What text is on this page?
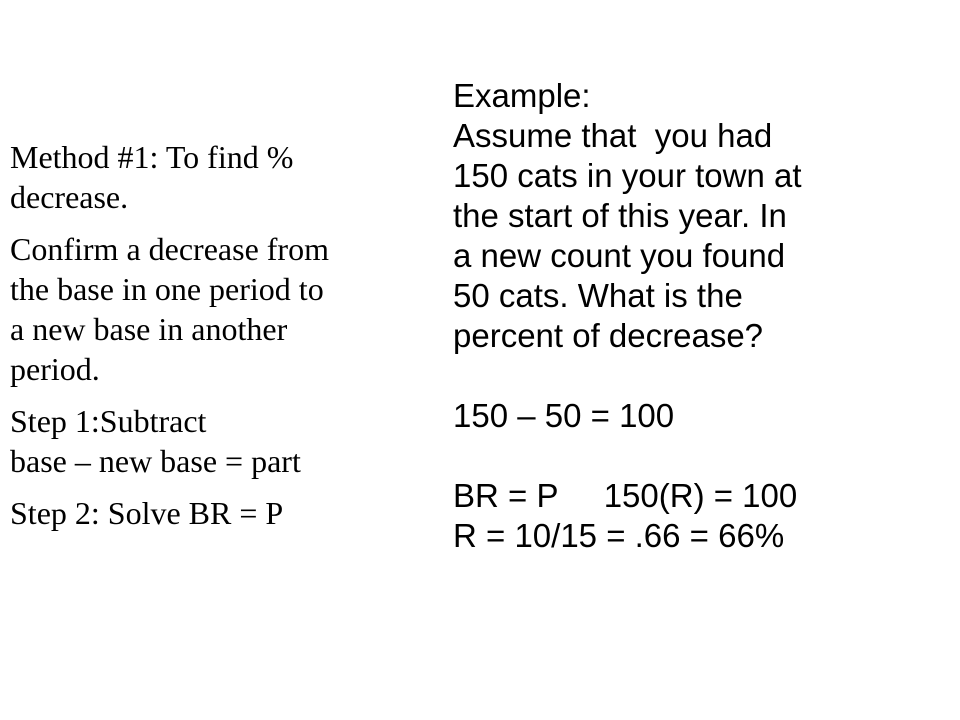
Method #1: To find %
decrease.

Confirm a decrease from
the base in one period to
a new base in another
period.

Step 1:Subtract
base – new base = part

Step 2: Solve BR = P

Example:
Assume that  you had
150 cats in your town at
the start of this year. In
a new count you found
50 cats. What is the
percent of decrease?
150 – 50 = 100
BR = P     150(R) = 100
R = 10/15 = .66 = 66%
